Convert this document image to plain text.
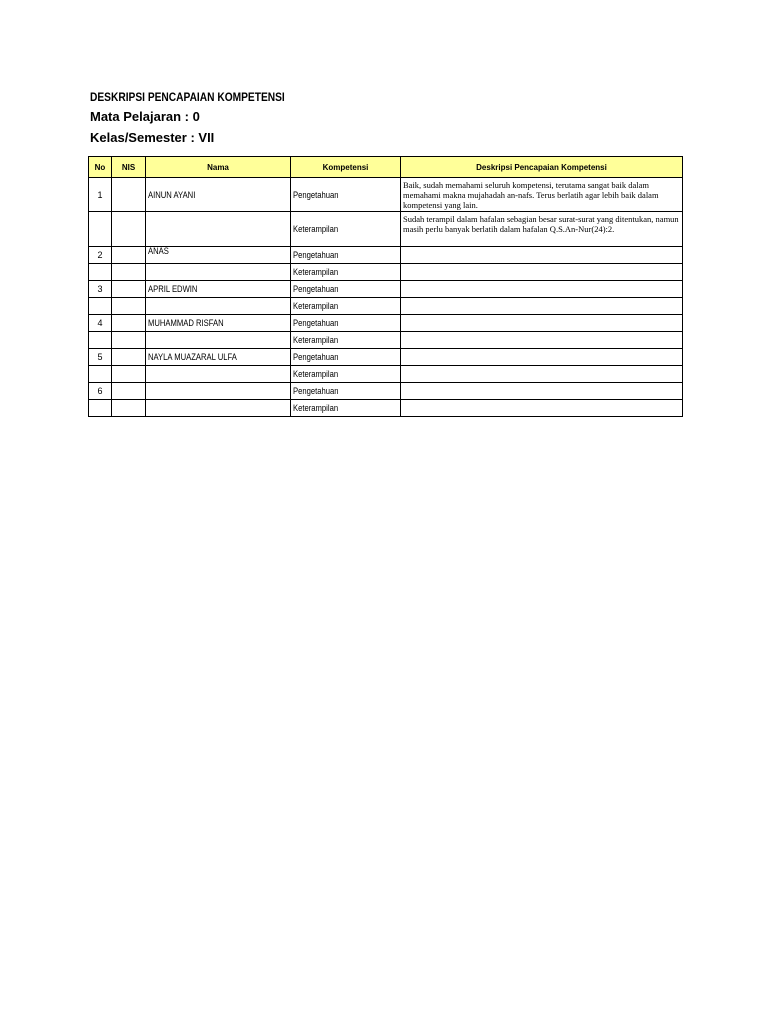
DESKRIPSI PENCAPAIAN KOMPETENSI
Mata Pelajaran : 0
Kelas/Semester : VII
No	NIS	Nama	Kompetensi	Deskripsi Pencapaian Kompetensi
1		AINUN AYANI	Pengetahuan	Baik, sudah memahami seluruh kompetensi, terutama sangat baik dalam memahami makna mujahadah an-nafs. Terus berlatih agar lebih baik dalam kompetensi yang lain.
			Keterampilan	Sudah terampil dalam hafalan sebagian besar surat-surat yang ditentukan, namun masih perlu banyak berlatih dalam hafalan Q.S.An-Nur(24):2.
2		ANAS	Pengetahuan	
			Keterampilan	
3		APRIL EDWIN	Pengetahuan	
			Keterampilan	
4		MUHAMMAD RISFAN	Pengetahuan	
			Keterampilan	
5		NAYLA MUAZARAL ULFA	Pengetahuan	
			Keterampilan	
6			Pengetahuan	
			Keterampilan	
